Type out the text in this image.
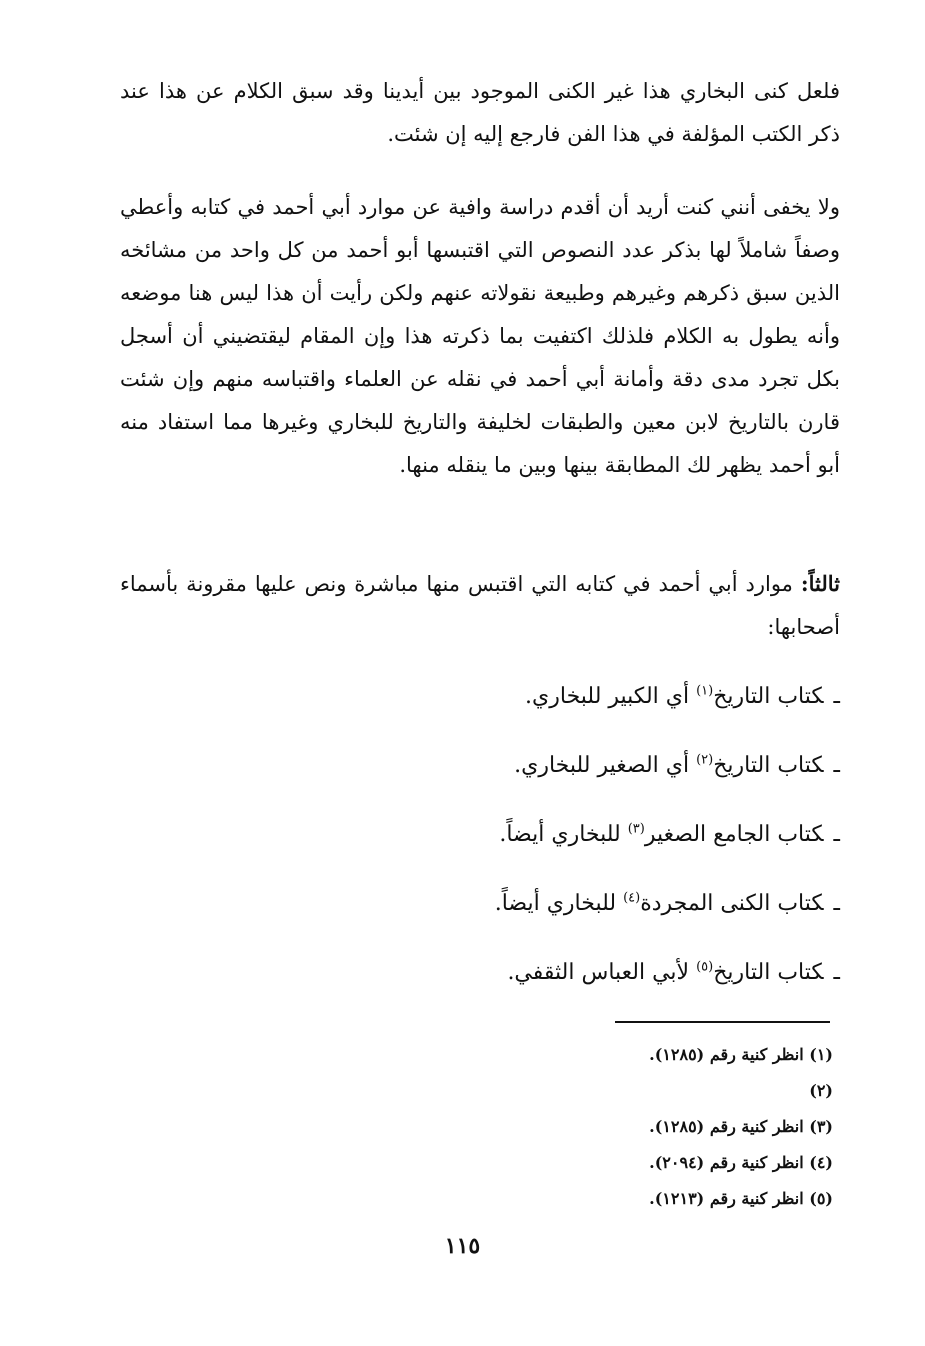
فلعل كنى البخاري هذا غير الكنى الموجود بين أيدينا وقد سبق الكلام عن هذا عند ذكر الكتب المؤلفة في هذا الفن فارجع إليه إن شئت.

ولا يخفى أنني كنت أريد أن أقدم دراسة وافية عن موارد أبي أحمد في كتابه وأعطي وصفاً شاملاً لها بذكر عدد النصوص التي اقتبسها أبو أحمد من كل واحد من مشائخه الذين سبق ذكرهم وغيرهم وطبيعة نقولاته عنهم ولكن رأيت أن هذا ليس هنا موضعه وأنه يطول به الكلام فلذلك اكتفيت بما ذكرته هذا وإن المقام ليقتضيني أن أسجل بكل تجرد مدى دقة وأمانة أبي أحمد في نقله عن العلماء واقتباسه منهم وإن شئت قارن بالتاريخ لابن معين والطبقات لخليفة والتاريخ للبخاري وغيرها مما استفاد منه أبو أحمد يظهر لك المطابقة بينها وبين ما ينقله منها.

ثالثاً: موارد أبي أحمد في كتابه التي اقتبس منها مباشرة ونص عليها مقرونة بأسماء أصحابها:

ـكتاب التاريخ$^{(١)}$ أي الكبير للبخاري.
ـكتاب التاريخ$^{(٢)}$ أي الصغير للبخاري.
ـكتاب الجامع الصغير$^{(٣)}$ للبخاري أيضاً.
ـكتاب الكنى المجردة$^{(٤)}$ للبخاري أيضاً.
ـكتاب التاريخ$^{(٥)}$ لأبي العباس الثقفي.
(١) انظر كنية رقم (١٢٨٥).
(٢)
(٣) انظر كنية رقم (١٢٨٥).
(٤) انظر كنية رقم (٢٠٩٤).
(٥) انظر كنية رقم (١٢١٣).
١١٥
